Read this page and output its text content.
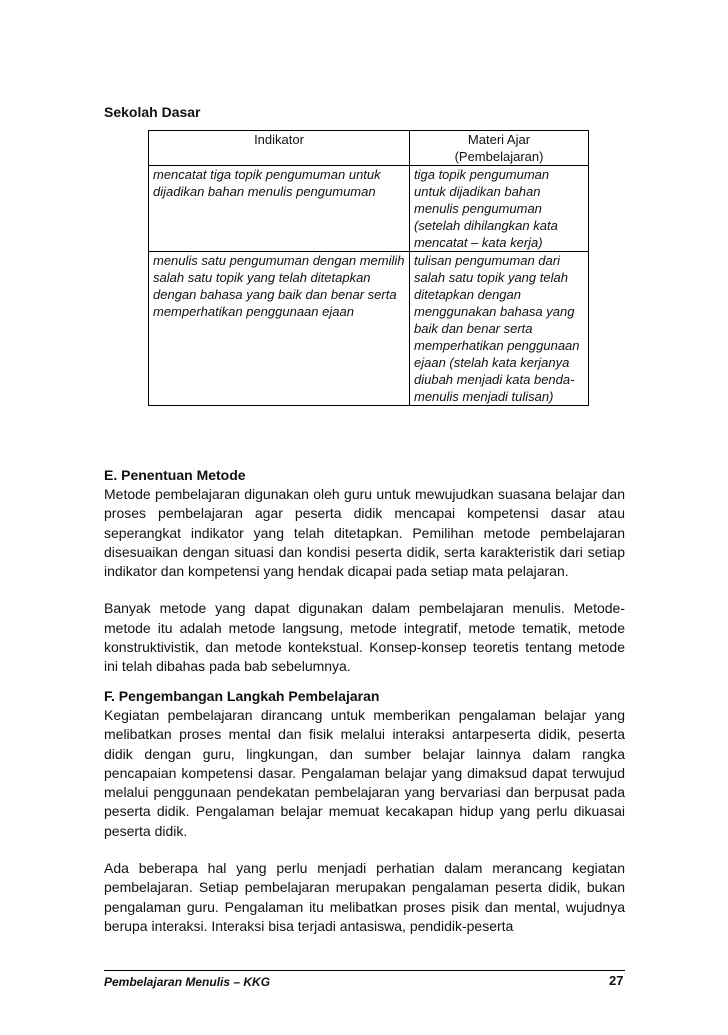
Sekolah Dasar
Indikator	Materi Ajar
(Pembelajaran)
mencatat tiga topik pengumuman untuk dijadikan bahan menulis pengumuman	tiga topik pengumuman untuk dijadikan bahan menulis pengumuman (setelah dihilangkan kata mencatat – kata kerja)
menulis satu pengumuman dengan memilih salah satu topik yang telah ditetapkan dengan bahasa yang baik dan benar serta memperhatikan penggunaan ejaan	tulisan pengumuman dari salah satu topik yang telah ditetapkan dengan menggunakan bahasa yang baik dan benar serta memperhatikan penggunaan ejaan (stelah kata kerjanya diubah menjadi kata benda- menulis menjadi tulisan)
E. Penentuan Metode

Metode pembelajaran digunakan oleh guru untuk mewujudkan suasana belajar dan proses pembelajaran agar peserta didik mencapai kompetensi dasar atau seperangkat indikator yang telah ditetapkan. Pemilihan metode pembelajaran disesuaikan dengan situasi dan kondisi peserta didik, serta karakteristik dari setiap indikator dan kompetensi yang hendak dicapai pada setiap mata pelajaran.

Banyak metode yang dapat digunakan dalam pembelajaran menulis. Metode-metode itu adalah metode langsung, metode integratif, metode tematik, metode konstruktivistik, dan metode kontekstual. Konsep-konsep teoretis tentang metode ini telah dibahas pada bab sebelumnya.

F. Pengembangan Langkah Pembelajaran

Kegiatan pembelajaran dirancang untuk memberikan pengalaman belajar yang melibatkan proses mental dan fisik melalui interaksi antarpeserta didik, peserta didik dengan guru, lingkungan, dan sumber belajar lainnya dalam rangka pencapaian kompetensi dasar. Pengalaman belajar yang dimaksud dapat terwujud melalui penggunaan pendekatan pembelajaran yang bervariasi dan berpusat pada peserta didik. Pengalaman belajar memuat kecakapan hidup yang perlu dikuasai peserta didik.

Ada beberapa hal yang perlu menjadi perhatian dalam merancang kegiatan pembelajaran. Setiap pembelajaran merupakan pengalaman peserta didik, bukan pengalaman guru. Pengalaman itu melibatkan proses pisik dan mental, wujudnya berupa interaksi. Interaksi bisa terjadi antasiswa, pendidik-peserta

Pembelajaran Menulis – KKG	27
